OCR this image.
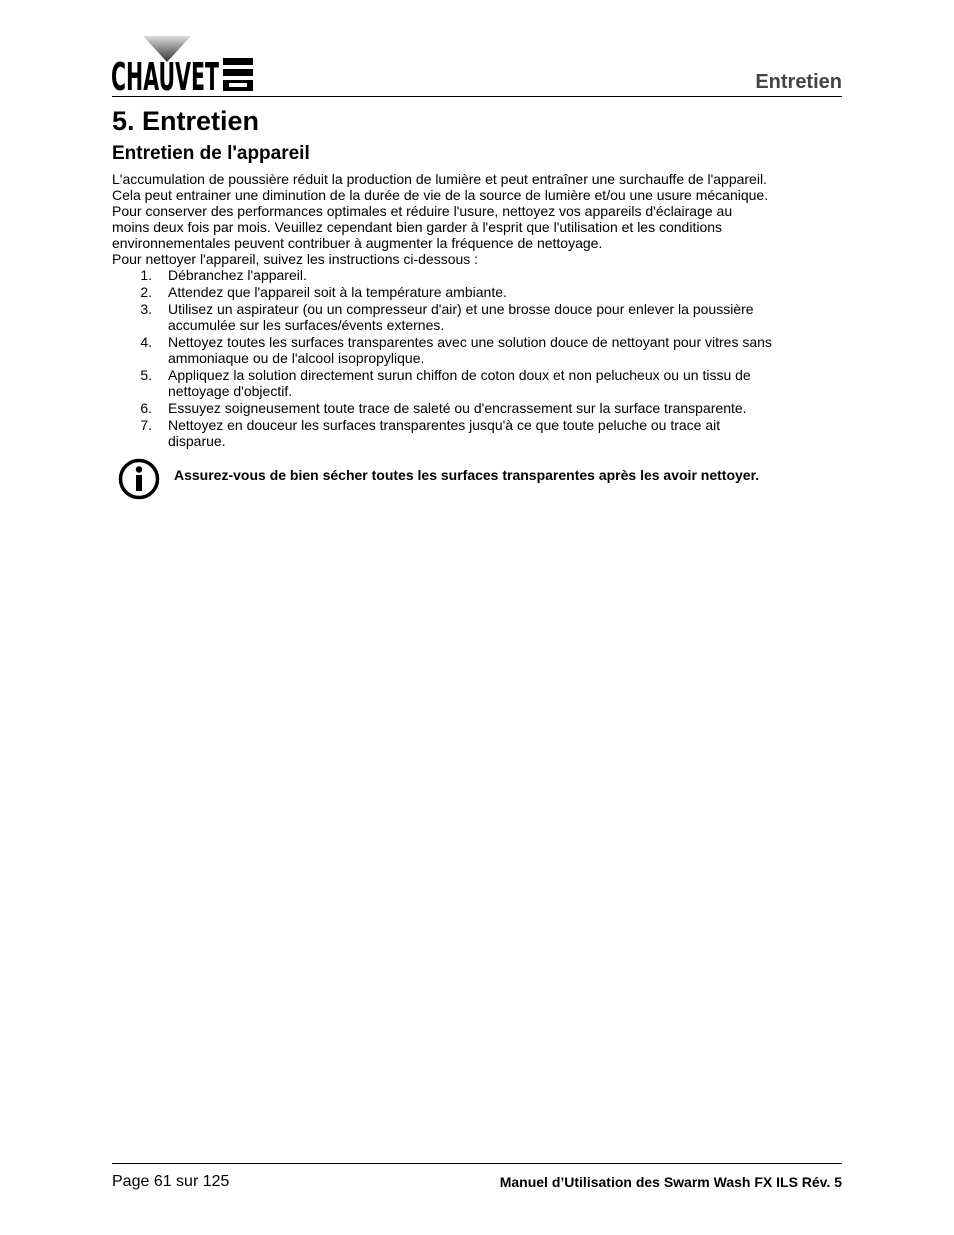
CHAUVET	Entretien
5. Entretien
Entretien de l'appareil

L'accumulation de poussière réduit la production de lumière et peut entraîner une surchauffe de l'appareil.

Cela peut entrainer une diminution de la durée de vie de la source de lumière et/ou une usure mécanique.

Pour conserver des performances optimales et réduire l'usure, nettoyez vos appareils d'éclairage au

moins deux fois par mois. Veuillez cependant bien garder à l'esprit que l'utilisation et les conditions

environnementales peuvent contribuer à augmenter la fréquence de nettoyage.

Pour nettoyer l'appareil, suivez les instructions ci-dessous :

1. Débranchez l'appareil.
2. Attendez que l'appareil soit à la température ambiante.
3. Utilisez un aspirateur (ou un compresseur d'air) et une brosse douce pour enlever la poussière
accumulée sur les surfaces/évents externes.
4. Nettoyez toutes les surfaces transparentes avec une solution douce de nettoyant pour vitres sans
ammoniaque ou de l'alcool isopropylique.
5. Appliquez la solution directement surun chiffon de coton doux et non pelucheux ou un tissu de
nettoyage d'objectif.
6. Essuyez soigneusement toute trace de saleté ou d'encrassement sur la surface transparente.
7. Nettoyez en douceur les surfaces transparentes jusqu'à ce que toute peluche ou trace ait
disparue.
Assurez-vous de bien sécher toutes les surfaces transparentes après les avoir nettoyer.
Page 61 sur 125	Manuel d’Utilisation des Swarm Wash FX ILS Rév. 5
